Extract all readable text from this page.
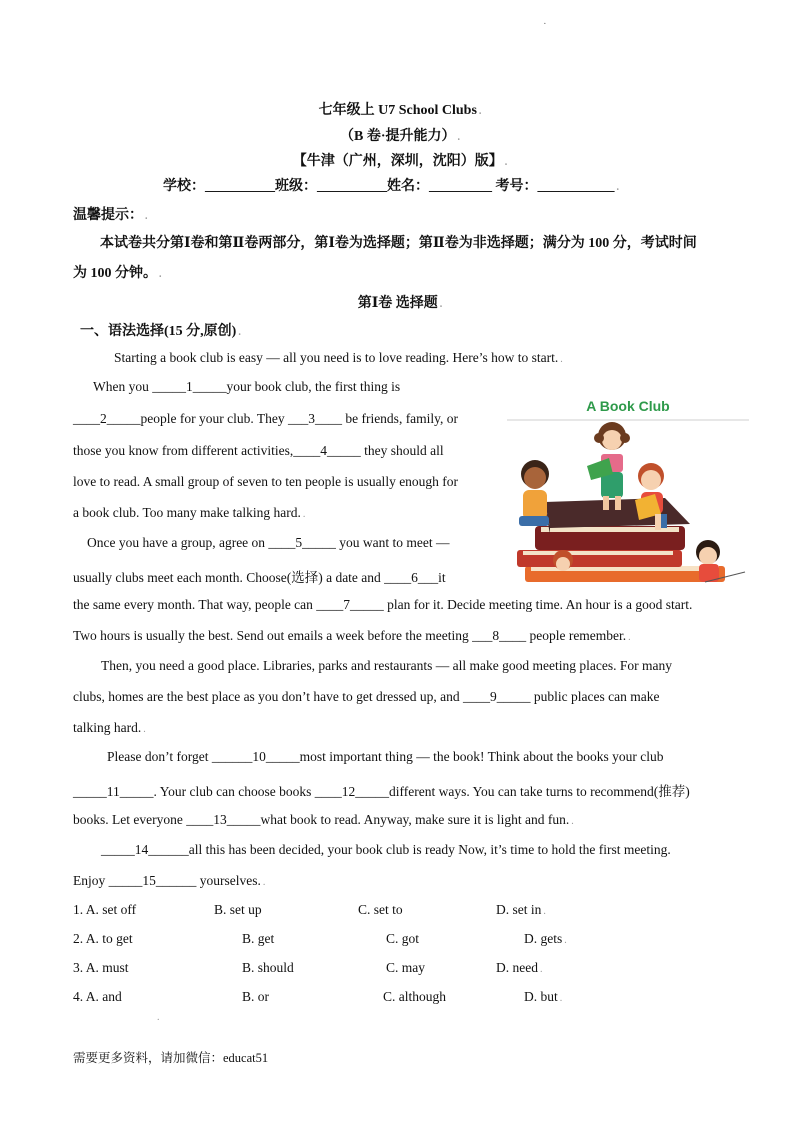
·
七年级上 U7 School Clubs .
（B 卷·提升能力） .
【牛津（广州，深圳，沈阳）版】 .
学校：__________班级：__________姓名：_________ 考号：___________ .
温馨提示： .
本试卷共分第Ⅰ卷和第Ⅱ卷两部分，第Ⅰ卷为选择题；第Ⅱ卷为非选择题；满分为 100 分，考试时间
为 100 分钟。 .
第Ⅰ卷 选择题 .
一、语法选择(15 分,原创) .
Starting a book club is easy — all you need is to love reading. Here’s how to start. .
When you _____1_____your book club, the first thing is
____2_____people for your club. They ___3____ be friends, family, or
those you know from different activities,____4_____ they should all
love to read. A small group of seven to ten people is usually enough for
a book club. Too many make talking hard. .
Once you have a group, agree on ____5_____ you want to meet —
usually clubs meet each month. Choose(选择) a date and ____6___it
the same every month. That way, people can ____7_____ plan for it. Decide meeting time. An hour is a good start.
Two hours is usually the best. Send out emails a week before the meeting ___8____ people remember. .
Then, you need a good place. Libraries, parks and restaurants — all make good meeting places. For many
clubs, homes are the best place as you don’t have to get dressed up, and ____9_____ public places can make
talking hard. .
Please don’t forget ______10_____most important thing — the book! Think about the books your club
_____11_____. Your club can choose books ____12_____different ways. You can take turns to recommend(推荐)
books. Let everyone ____13_____what book to read. Anyway, make sure it is light and fun. .
_____14______all this has been decided, your book club is ready Now, it’s time to hold the first meeting.
Enjoy _____15______ yourselves. .
A Book Club
1. A. set off	B. set up	C. set to	D. set in .
2. A. to get	B. get	C. got	D. gets .
3. A. must	B. should	C. may	D. need .
4. A. and	B. or	C. although	D. but .
.
需要更多资料，请加微信：educat51
